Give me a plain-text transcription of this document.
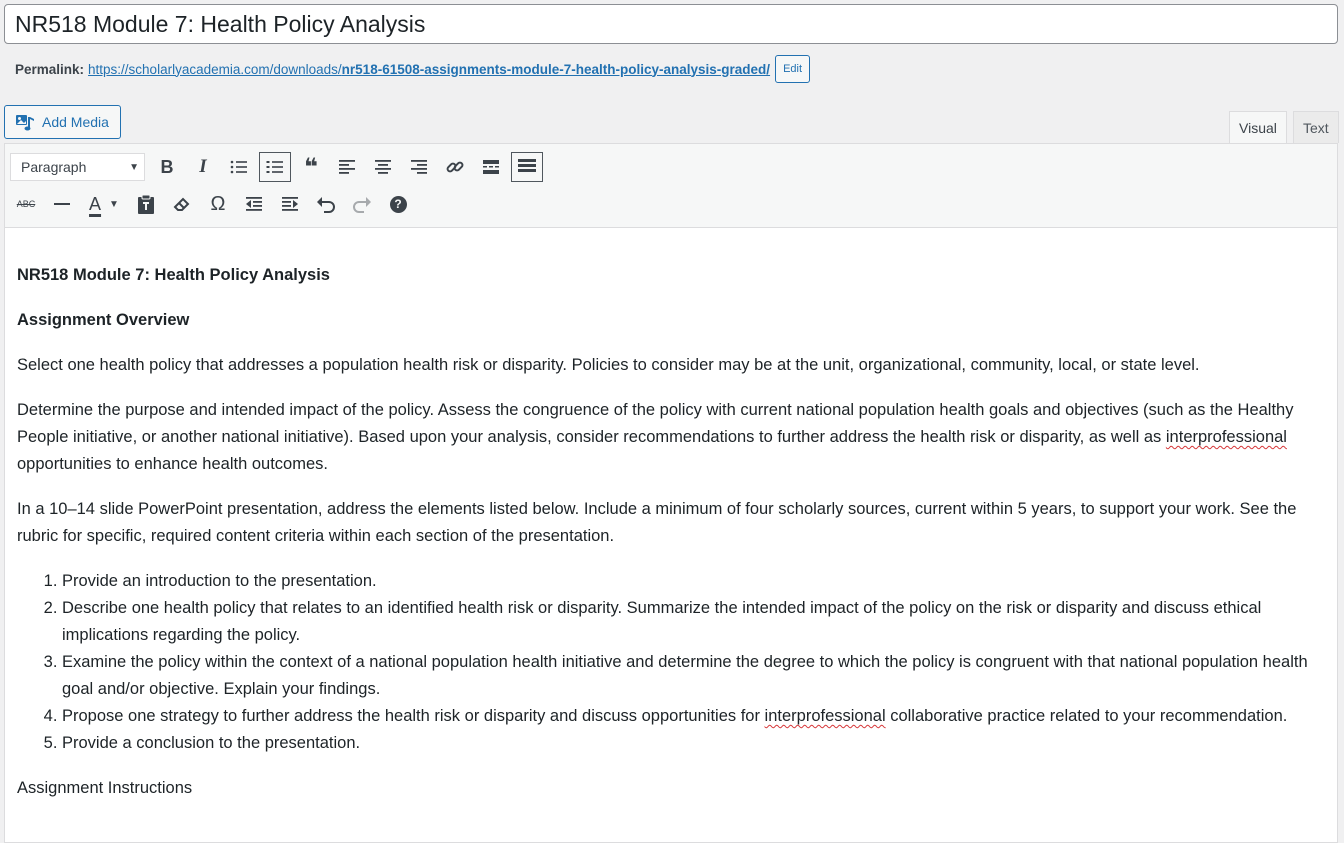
NR518 Module 7: Health Policy Analysis
Permalink: https://scholarlyacademia.com/downloads/nr518-61508-assignments-module-7-health-policy-analysis-graded/	Edit
Add Media	Visual	Text
Paragraph	▼	B	I	❝
ABC	A ▼	Ω	?

NR518 Module 7: Health Policy Analysis

Assignment Overview

Select one health policy that addresses a population health risk or disparity. Policies to consider may be at the unit, organizational, community, local, or state level.

Determine the purpose and intended impact of the policy. Assess the congruence of the policy with current national population health goals and objectives (such as the Healthy People initiative, or another national initiative). Based upon your analysis, consider recommendations to further address the health risk or disparity, as well as interprofessional opportunities to enhance health outcomes.

In a 10–14 slide PowerPoint presentation, address the elements listed below. Include a minimum of four scholarly sources, current within 5 years, to support your work. See the rubric for specific, required content criteria within each section of the presentation.

1. Provide an introduction to the presentation.
2. Describe one health policy that relates to an identified health risk or disparity. Summarize the intended impact of the policy on the risk or disparity and discuss ethical implications regarding the policy.
3. Examine the policy within the context of a national population health initiative and determine the degree to which the policy is congruent with that national population health goal and/or objective. Explain your findings.
4. Propose one strategy to further address the health risk or disparity and discuss opportunities for interprofessional collaborative practice related to your recommendation.
5. Provide a conclusion to the presentation.

Assignment Instructions
